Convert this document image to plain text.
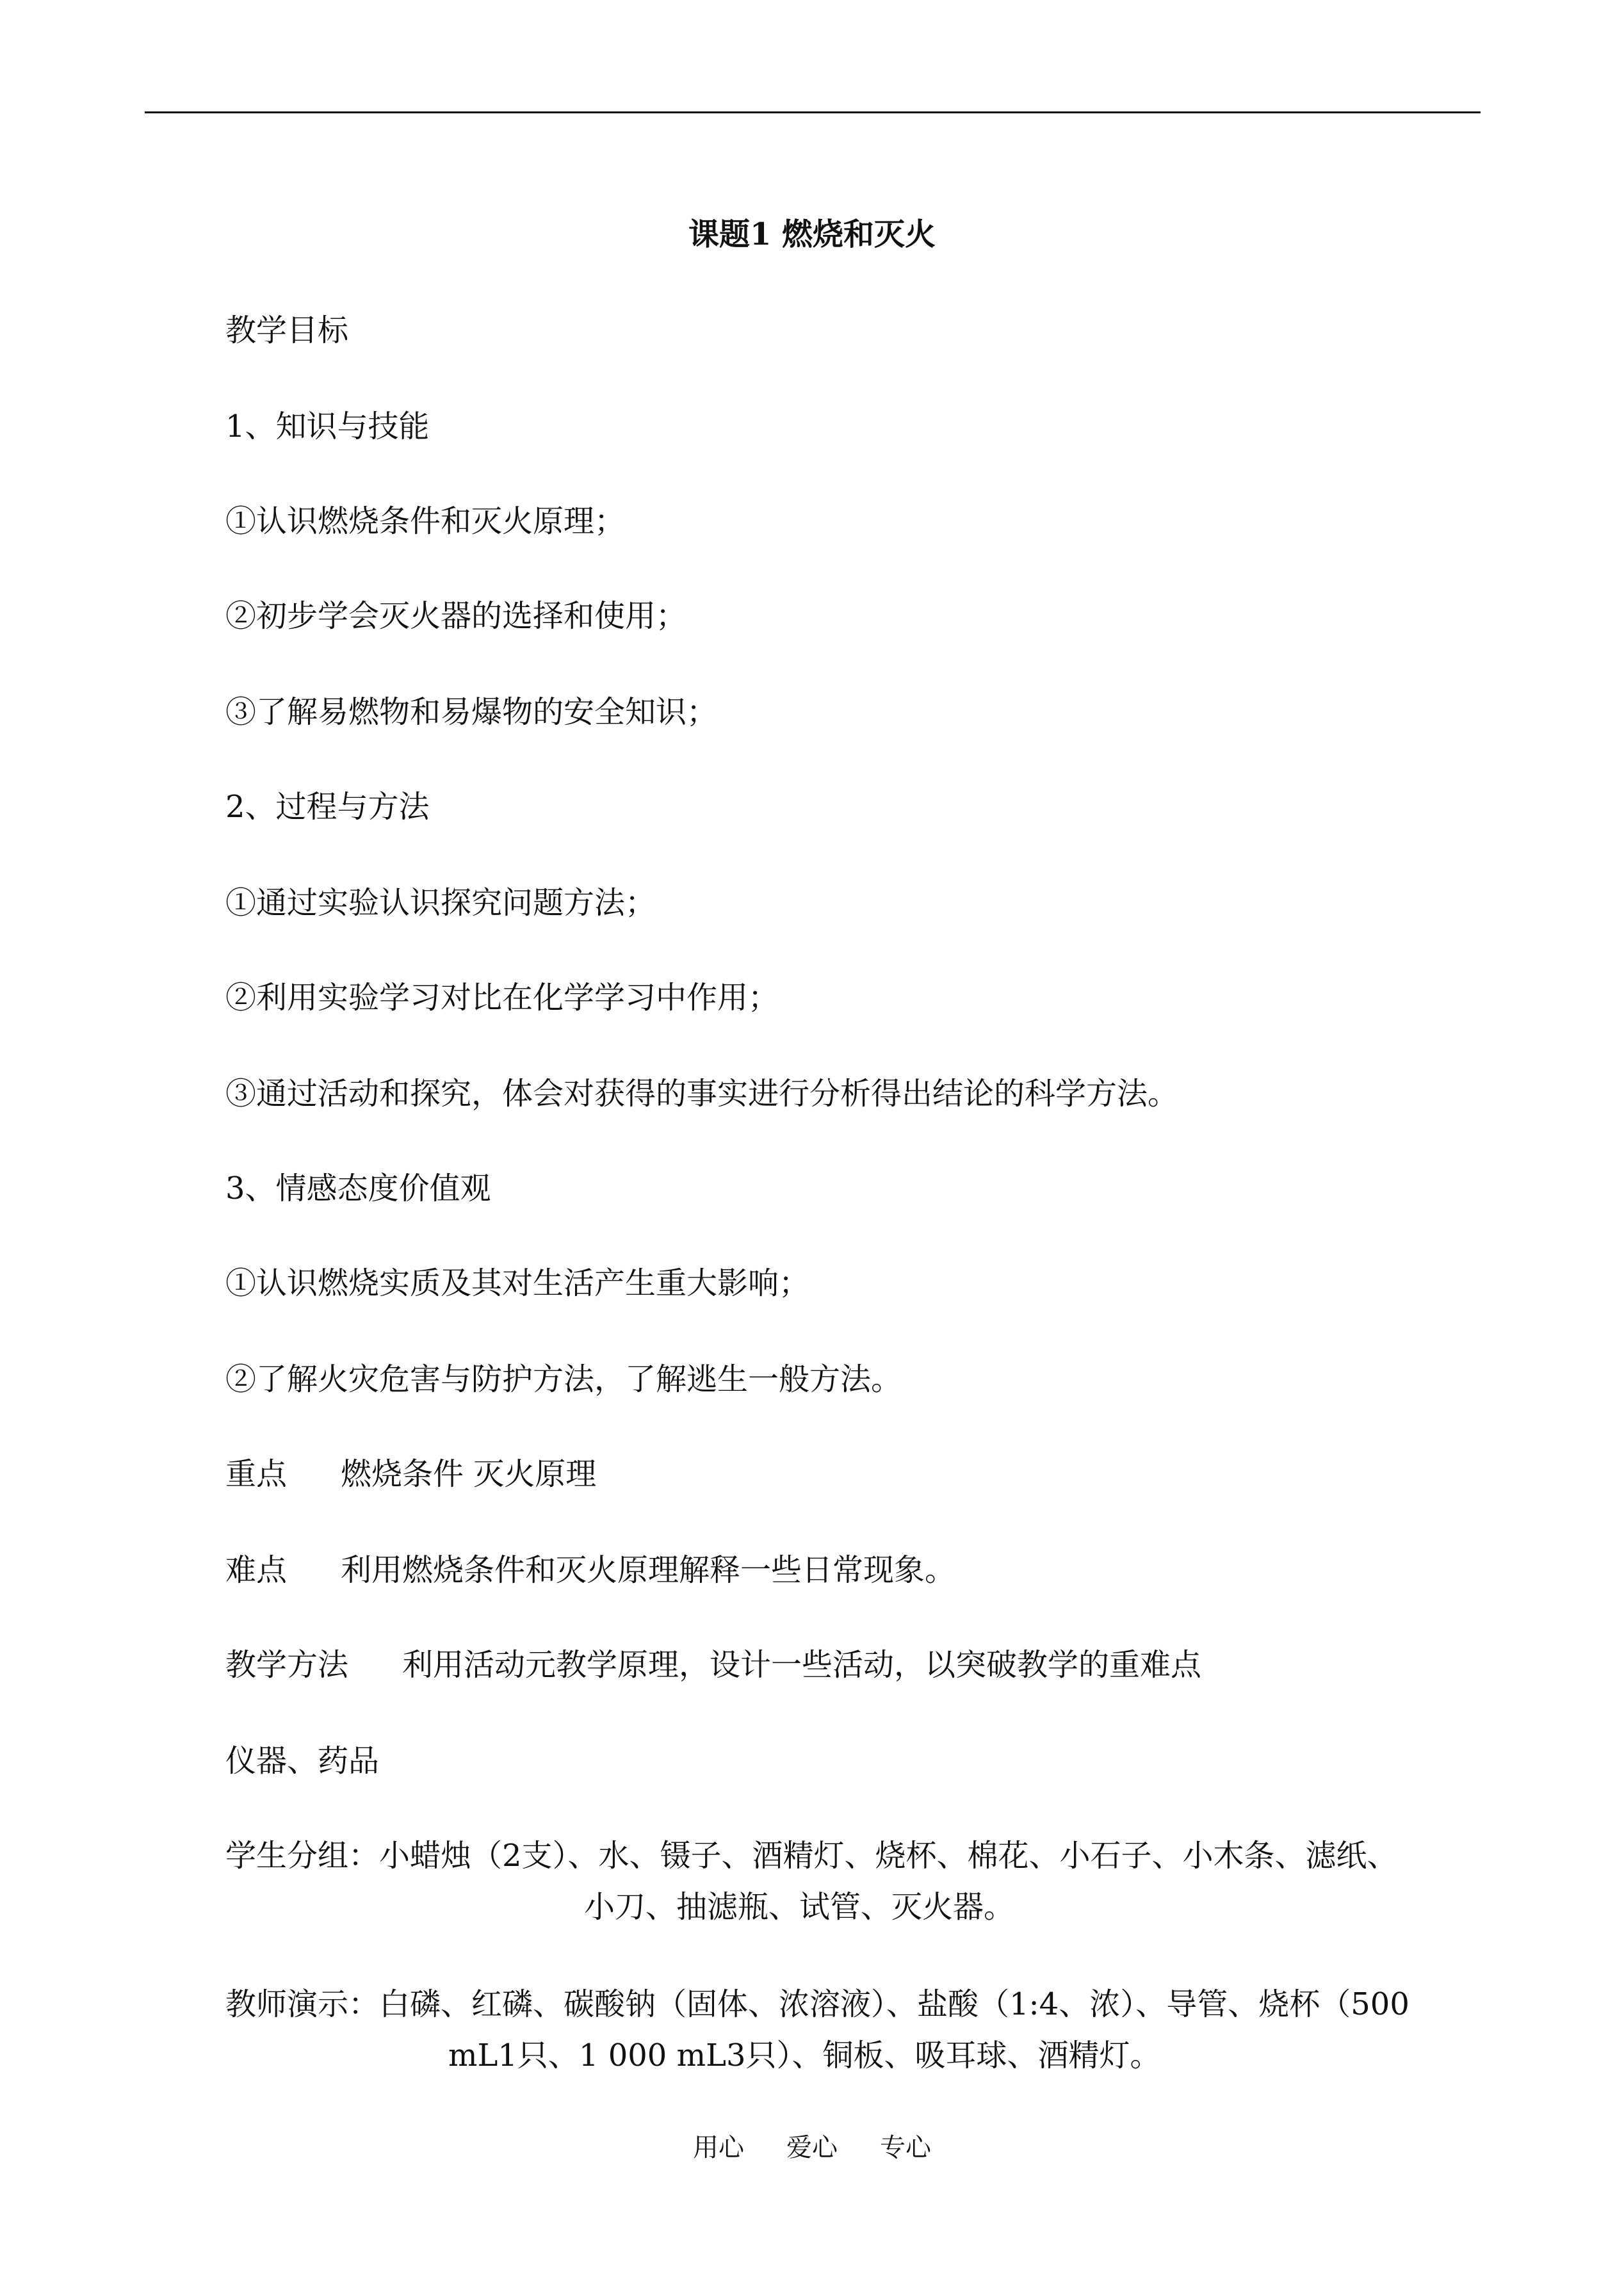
课题1 燃烧和灭火
教学目标
1、知识与技能
①认识燃烧条件和灭火原理；
②初步学会灭火器的选择和使用；
③了解易燃物和易爆物的安全知识；
2、过程与方法
①通过实验认识探究问题方法；
②利用实验学习对比在化学学习中作用；
③通过活动和探究，体会对获得的事实进行分析得出结论的科学方法。
3、情感态度价值观
①认识燃烧实质及其对生活产生重大影响；
②了解火灾危害与防护方法，了解逃生一般方法。
重点 燃烧条件 灭火原理
难点 利用燃烧条件和灭火原理解释一些日常现象。
教学方法 利用活动元教学原理，设计一些活动，以突破教学的重难点
仪器、药品
学生分组：小蜡烛（2支）、水、镊子、酒精灯、烧杯、棉花、小石子、小木条、滤纸、
小刀、抽滤瓶、试管、灭火器。
教师演示：白磷、红磷、碳酸钠（固体、浓溶液）、盐酸（1:4、浓）、导管、烧杯（500
mL1只、1 000 mL3只）、铜板、吸耳球、酒精灯。
用心 爱心 专心
